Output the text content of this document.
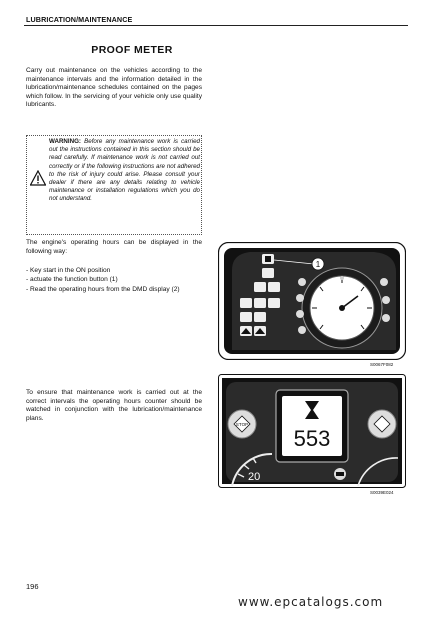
LUBRICATION/MAINTENANCE
PROOF METER
Carry out maintenance on the vehicles according to the maintenance intervals and the information detailed in the lubrication/maintenance schedules contained on the pages which follow. In the servicing of your vehicle only use quality lubricants.
WARNING: Before any maintenance work is carried out the instructions contained in this section should be read carefully. If maintenance work is not carried out correctly or if the following instructions are not adhered to the risk of injury could arise. Please consult your dealer if there are any details relating to vehicle maintenance or installation regulations which you do not understand.
The engine's operating hours can be displayed in the following way:
- Key start in the ON position
- actuate the function button (1)
- Read the operating hours from the DMD display (2)
1
S0067F082
To ensure that maintenance work is carried out at the correct intervals the operating hours counter should be watched in conjunction with the lubrication/maintenance plans.
STOP
553
20
S0039E024
196
www.epcatalogs.com
